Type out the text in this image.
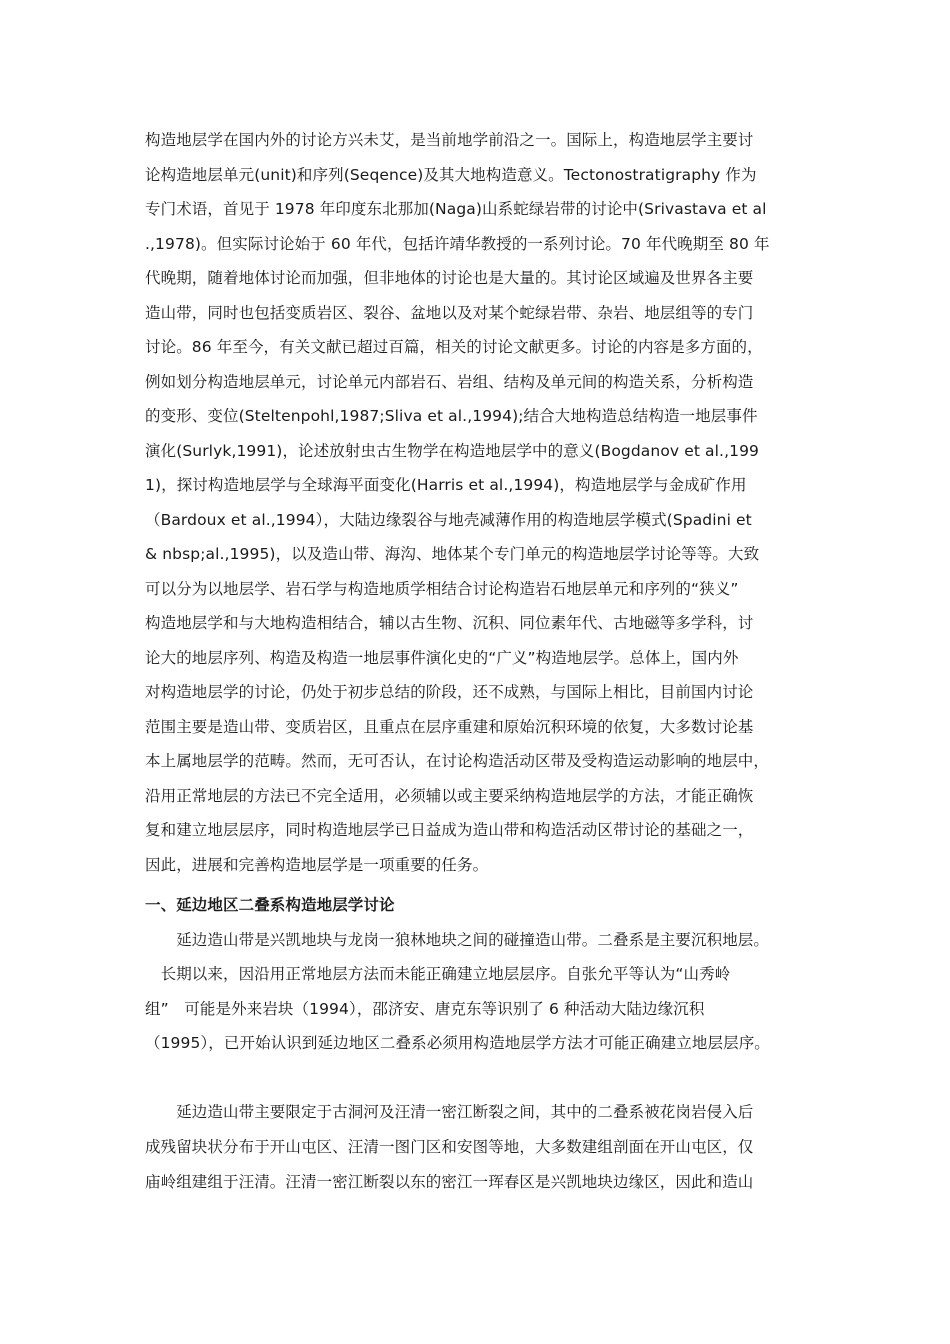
构造地层学在国内外的讨论方兴未艾，是当前地学前沿之一。国际上，构造地层学主要讨
论构造地层单元(unit)和序列(Seqence)及其大地构造意义。Tectonostratigraphy 作为
专门术语，首见于 1978 年印度东北那加(Naga)山系蛇绿岩带的讨论中(Srivastava et al
.,1978)。但实际讨论始于 60 年代，包括许靖华教授的一系列讨论。70 年代晚期至 80 年
代晚期，随着地体讨论而加强，但非地体的讨论也是大量的。其讨论区域遍及世界各主要
造山带，同时也包括变质岩区、裂谷、盆地以及对某个蛇绿岩带、杂岩、地层组等的专门
讨论。86 年至今，有关文献已超过百篇，相关的讨论文献更多。讨论的内容是多方面的，
例如划分构造地层单元，讨论单元内部岩石、岩组、结构及单元间的构造关系，分析构造
的变形、变位(Steltenpohl,1987;Sliva et al.,1994);结合大地构造总结构造一地层事件
演化(Surlyk,1991)，论述放射虫古生物学在构造地层学中的意义(Bogdanov et al.,199
1)，探讨构造地层学与全球海平面变化(Harris et al.,1994)，构造地层学与金成矿作用
（Bardoux et al.,1994），大陆边缘裂谷与地壳减薄作用的构造地层学模式(Spadini et
& nbsp;al.,1995)，以及造山带、海沟、地体某个专门单元的构造地层学讨论等等。大致
可以分为以地层学、岩石学与构造地质学相结合讨论构造岩石地层单元和序列的“狭义”
构造地层学和与大地构造相结合，辅以古生物、沉积、同位素年代、古地磁等多学科，讨
论大的地层序列、构造及构造一地层事件演化史的“广义”构造地层学。总体上，国内外
对构造地层学的讨论，仍处于初步总结的阶段，还不成熟，与国际上相比，目前国内讨论
范围主要是造山带、变质岩区，且重点在层序重建和原始沉积环境的依复，大多数讨论基
本上属地层学的范畴。然而，无可否认，在讨论构造活动区带及受构造运动影响的地层中，
沿用正常地层的方法已不完全适用，必须辅以或主要采纳构造地层学的方法，才能正确恢
复和建立地层层序，同时构造地层学已日益成为造山带和构造活动区带讨论的基础之一，
因此，进展和完善构造地层学是一项重要的任务。
一、延边地区二叠系构造地层学讨论
　　延边造山带是兴凯地块与龙岗一狼林地块之间的碰撞造山带。二叠系是主要沉积地层。
　长期以来，因沿用正常地层方法而未能正确建立地层层序。自张允平等认为“山秀岭
组”　可能是外来岩块（1994），邵济安、唐克东等识别了 6 种活动大陆边缘沉积
（1995），已开始认识到延边地区二叠系必须用构造地层学方法才可能正确建立地层层序。
　　延边造山带主要限定于古洞河及汪清一密江断裂之间，其中的二叠系被花岗岩侵入后
成残留块状分布于开山屯区、汪清一图门区和安图等地，大多数建组剖面在开山屯区，仅
庙岭组建组于汪清。汪清一密江断裂以东的密江一珲春区是兴凯地块边缘区，因此和造山
